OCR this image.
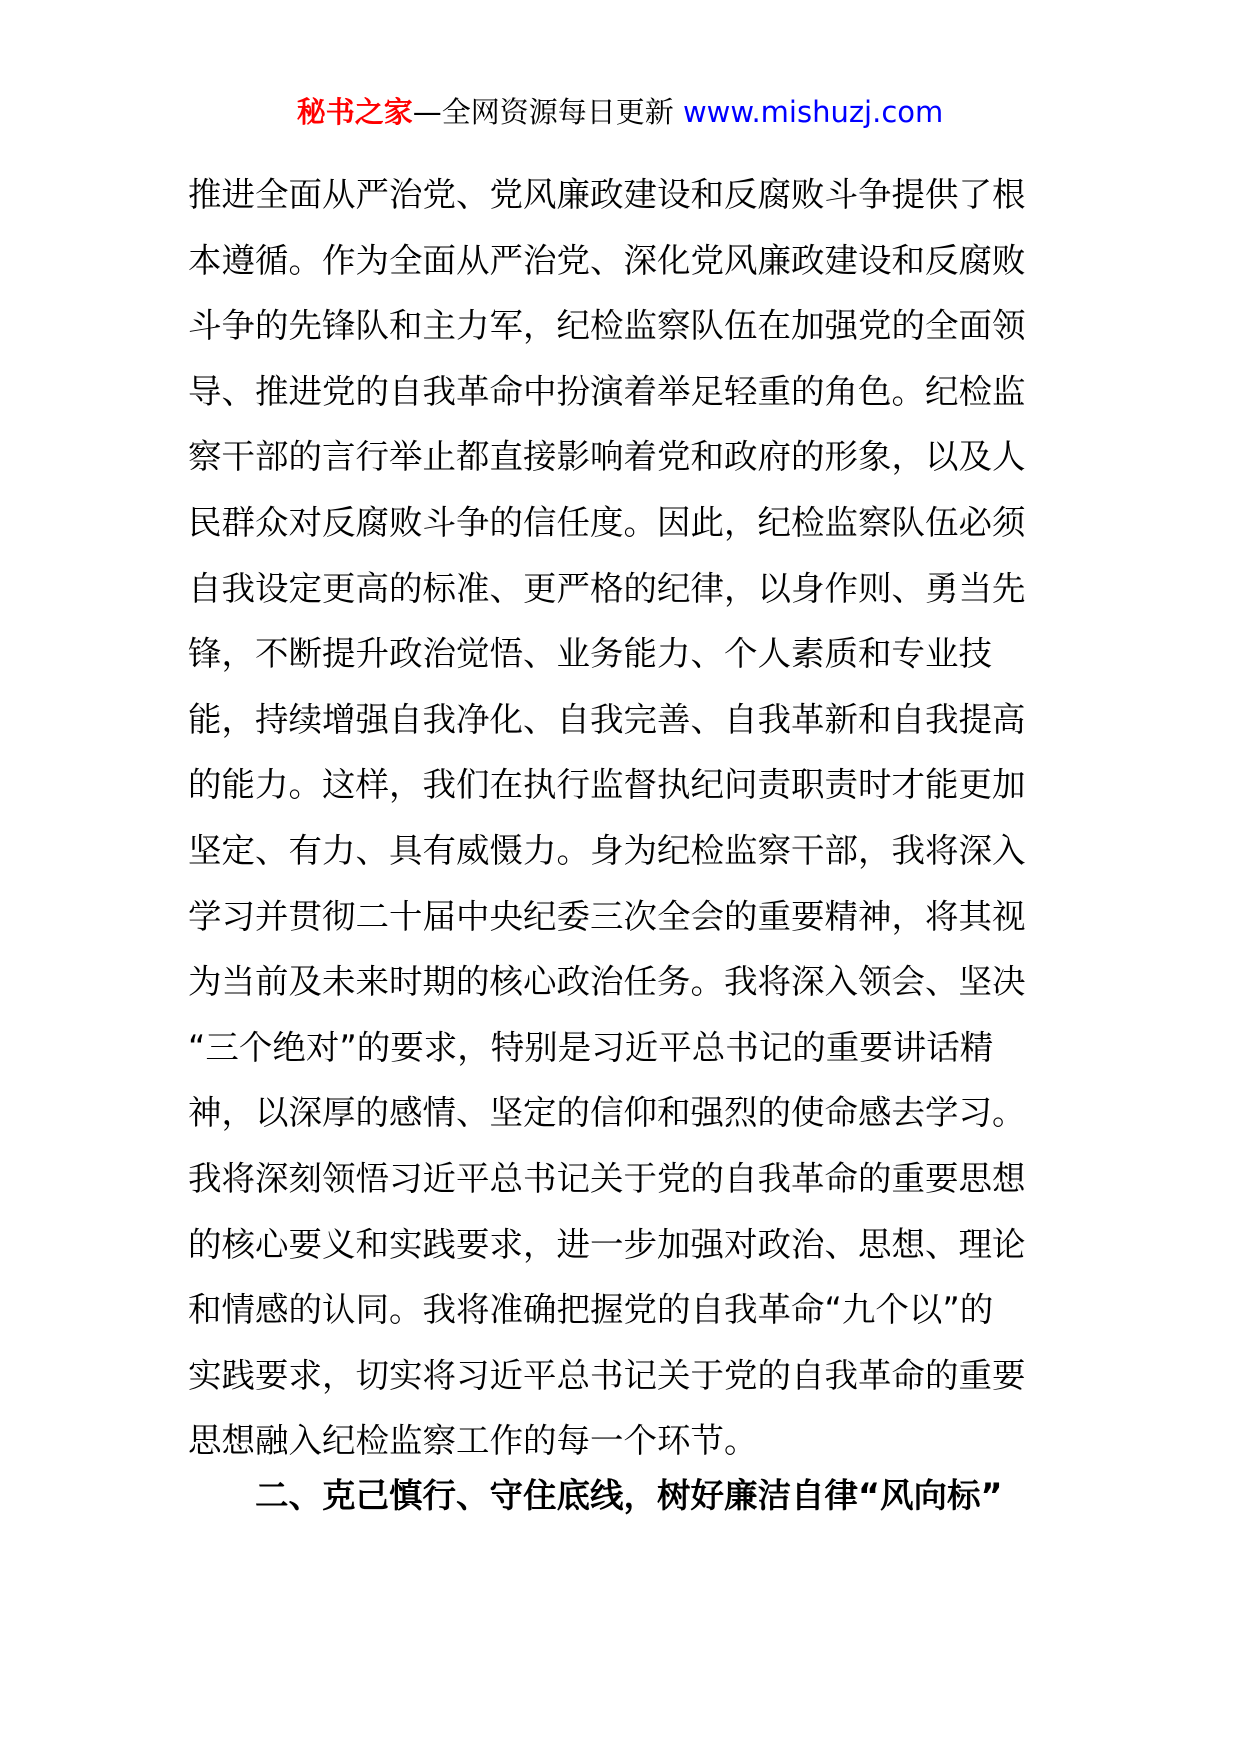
秘书之家—全网资源每日更新 www.mishuzj.com
推进全面从严治党、党风廉政建设和反腐败斗争提供了根
本遵循。作为全面从严治党、深化党风廉政建设和反腐败
斗争的先锋队和主力军，纪检监察队伍在加强党的全面领
导、推进党的自我革命中扮演着举足轻重的角色。纪检监
察干部的言行举止都直接影响着党和政府的形象，以及人
民群众对反腐败斗争的信任度。因此，纪检监察队伍必须
自我设定更高的标准、更严格的纪律，以身作则、勇当先
锋，不断提升政治觉悟、业务能力、个人素质和专业技
能，持续增强自我净化、自我完善、自我革新和自我提高
的能力。这样，我们在执行监督执纪问责职责时才能更加
坚定、有力、具有威慑力。身为纪检监察干部，我将深入
学习并贯彻二十届中央纪委三次全会的重要精神，将其视
为当前及未来时期的核心政治任务。我将深入领会、坚决
“三个绝对”的要求，特别是习近平总书记的重要讲话精
神，以深厚的感情、坚定的信仰和强烈的使命感去学习。
我将深刻领悟习近平总书记关于党的自我革命的重要思想
的核心要义和实践要求，进一步加强对政治、思想、理论
和情感的认同。我将准确把握党的自我革命“九个以”的
实践要求，切实将习近平总书记关于党的自我革命的重要
思想融入纪检监察工作的每一个环节。
二、克己慎行、守住底线，树好廉洁自律“风向标”
